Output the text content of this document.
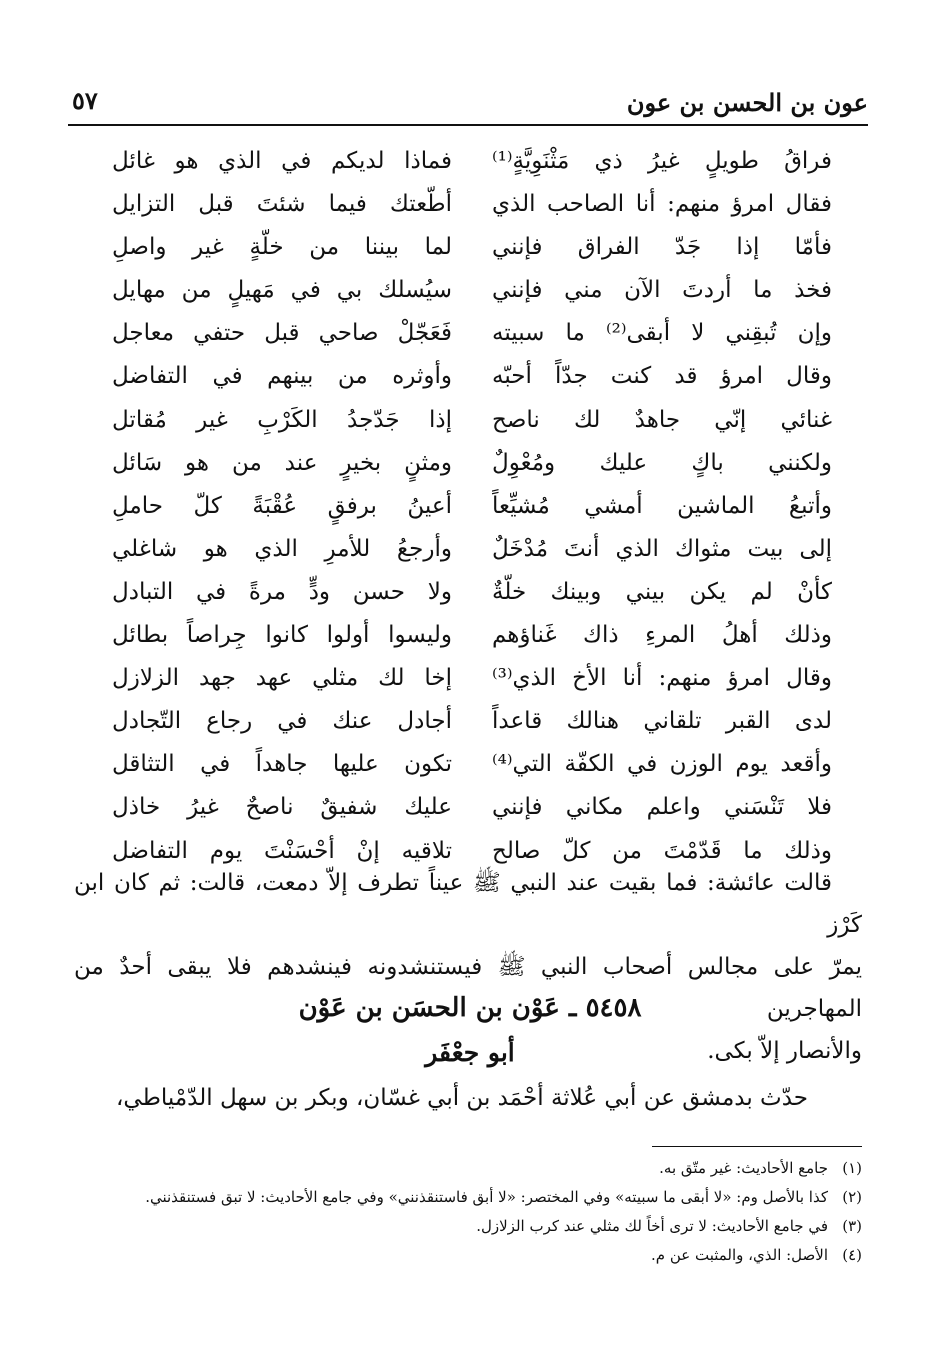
عون بن الحسن بن عون
٥٧
فراقُ طويلٍ غيرُ ذي مَثْنَوِيَّةٍ⁽¹⁾
فقال امرؤ منهم: أنا الصاحب الذي
فأمّا إذا جَدّ الفراق فإنني
فخذ ما أردتَ الآن مني فإنني
وإن تُبقِني لا أبقى⁽²⁾ ما سبيته
وقال امرؤ قد كنت جدّاً أحبّه
غنائي إنّي جاهدٌ لك ناصح
ولكنني باكٍ عليك ومُعْوِلٌ
وأتبعُ الماشين أمشي مُشيِّعاً
إلى بيت مثواك الذي أنتَ مُدْخَلٌ
كأنْ لم يكن بيني وبينك خلّةٌ
وذلك أهلُ المرءِ ذاك غَناؤهم
وقال امرؤ منهم: أنا الأخ الذي⁽³⁾
لدى القبر تلقاني هنالك قاعداً
وأقعد يوم الوزن في الكفّة التي⁽⁴⁾
فلا تَنْسَني واعلم مكاني فإنني
وذلك ما قَدّمْتَ من كلّ صالح
فماذا لديكم في الذي هو غائل
أطّعتك فيما شئتَ قبل التزايل
لما بيننا من خلّةٍ غير واصلِ
سيُسلك بي في مَهيلٍ من مهايل
فَعَجّلْ صاحي قبل حتفي معاجل
وأوثره من بينهم في التفاضل
إذا جَدّجدُ الكَرْبِ غير مُقاتل
ومثنٍ بخيرٍ عند من هو سَائل
أعينُ برفقٍ عُقْبَةً كلّ حاملِ
وأرجعُ للأمرِ الذي هو شاغلي
ولا حسن ودٍّ مرةً في التبادل
وليسوا أولوا كانوا جِراصاً بطائل
إخا لك مثلي عهد جهد الزلازل
أجادل عنك في رجاع التّجادل
تكون عليها جاهداً في التثاقل
عليك شفيقٌ ناصحٌ غيرُ خاذل
تلاقيه إنْ أحْسَنْتَ يوم التفاضل
قالت عائشة: فما بقيت عند النبي ﷺ عيناً تطرف إلاّ دمعت، قالت: ثم كان ابن كَرْز
يمرّ على مجالس أصحاب النبي ﷺ فيستنشدونه فينشدهم فلا يبقى أحدٌ من المهاجرين
والأنصار إلاّ بكى.
٥٤٥٨ ـ عَوْن بن الحسَن بن عَوْن
أبو جعْفَر
حدّث بدمشق عن أبي عُلاثة أحْمَد بن أبي غسّان، وبكر بن سهل الدّمْياطي،
(١)
جامع الأحاديث: غير متّق به.
(٢)
كذا بالأصل وم: «لا أبقى ما سبيته» وفي المختصر: «لا أبق فاستنقذنني» وفي جامع الأحاديث: لا تبق فستنقذنني.
(٣)
في جامع الأحاديث: لا ترى أخاً لك مثلي عند كرب الزلازل.
(٤)
الأصل: الذي، والمثبت عن م.
